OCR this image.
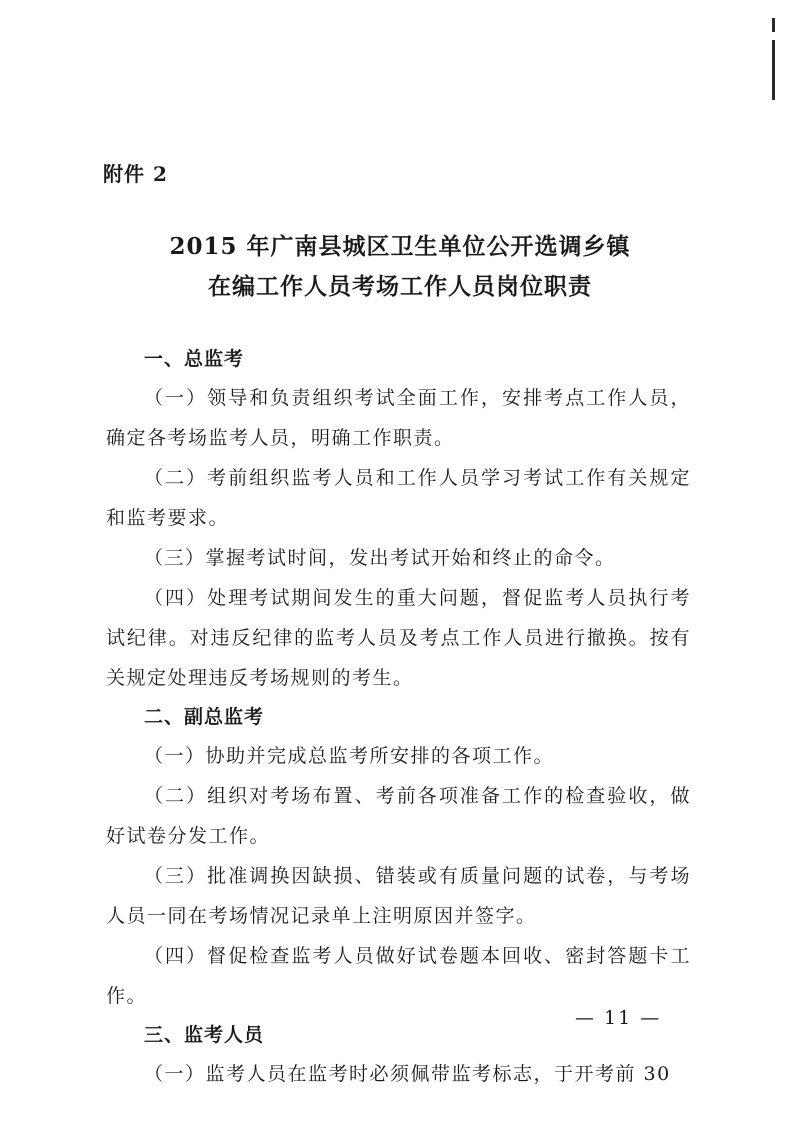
附件 2
2015 年广南县城区卫生单位公开选调乡镇
在编工作人员考场工作人员岗位职责
一、总监考

（一）领导和负责组织考试全面工作，安排考点工作人员，确定各考场监考人员，明确工作职责。

（二）考前组织监考人员和工作人员学习考试工作有关规定和监考要求。

（三）掌握考试时间，发出考试开始和终止的命令。

（四）处理考试期间发生的重大问题，督促监考人员执行考试纪律。对违反纪律的监考人员及考点工作人员进行撤换。按有关规定处理违反考场规则的考生。

二、副总监考

（一）协助并完成总监考所安排的各项工作。

（二）组织对考场布置、考前各项准备工作的检查验收，做好试卷分发工作。

（三）批准调换因缺损、错装或有质量问题的试卷，与考场人员一同在考场情况记录单上注明原因并签字。

（四）督促检查监考人员做好试卷题本回收、密封答题卡工作。

三、监考人员

（一）监考人员在监考时必须佩带监考标志，于开考前 30

— 11 —
